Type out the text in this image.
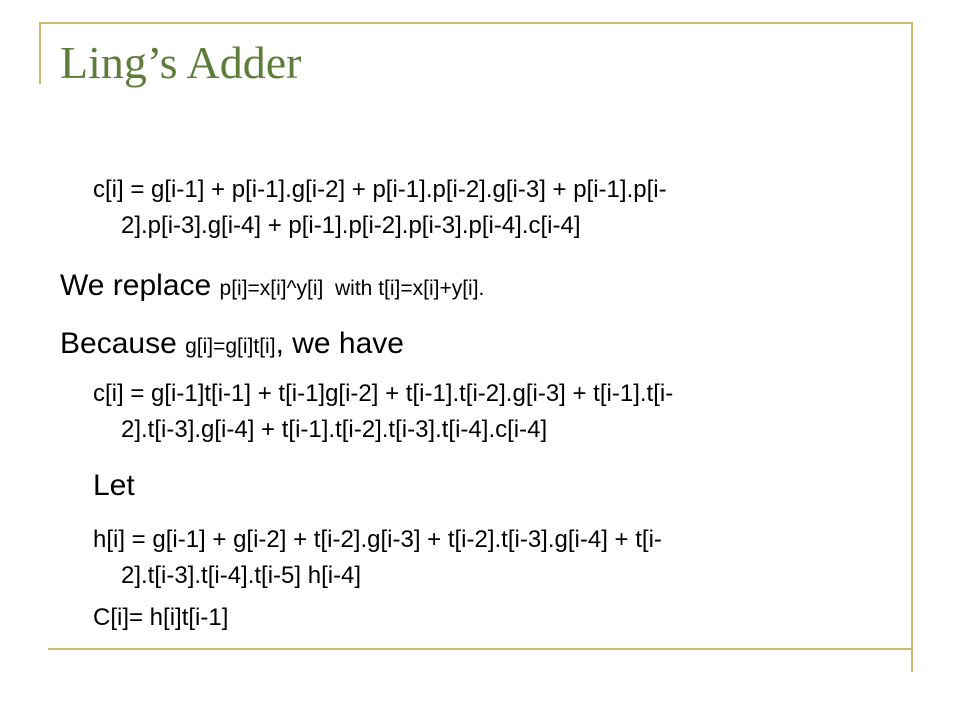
Ling’s Adder
c[i] = g[i-1] + p[i-1].g[i-2] + p[i-1].p[i-2].g[i-3] + p[i-1].p[i-
2].p[i-3].g[i-4] + p[i-1].p[i-2].p[i-3].p[i-4].c[i-4]
We replace p[i]=x[i]^y[i]  with t[i]=x[i]+y[i].
Because g[i]=g[i]t[i], we have
c[i] = g[i-1]t[i-1] + t[i-1]g[i-2] + t[i-1].t[i-2].g[i-3] + t[i-1].t[i-
2].t[i-3].g[i-4] + t[i-1].t[i-2].t[i-3].t[i-4].c[i-4]
Let
h[i] = g[i-1] + g[i-2] + t[i-2].g[i-3] + t[i-2].t[i-3].g[i-4] + t[i-
2].t[i-3].t[i-4].t[i-5] h[i-4]
C[i]= h[i]t[i-1]
